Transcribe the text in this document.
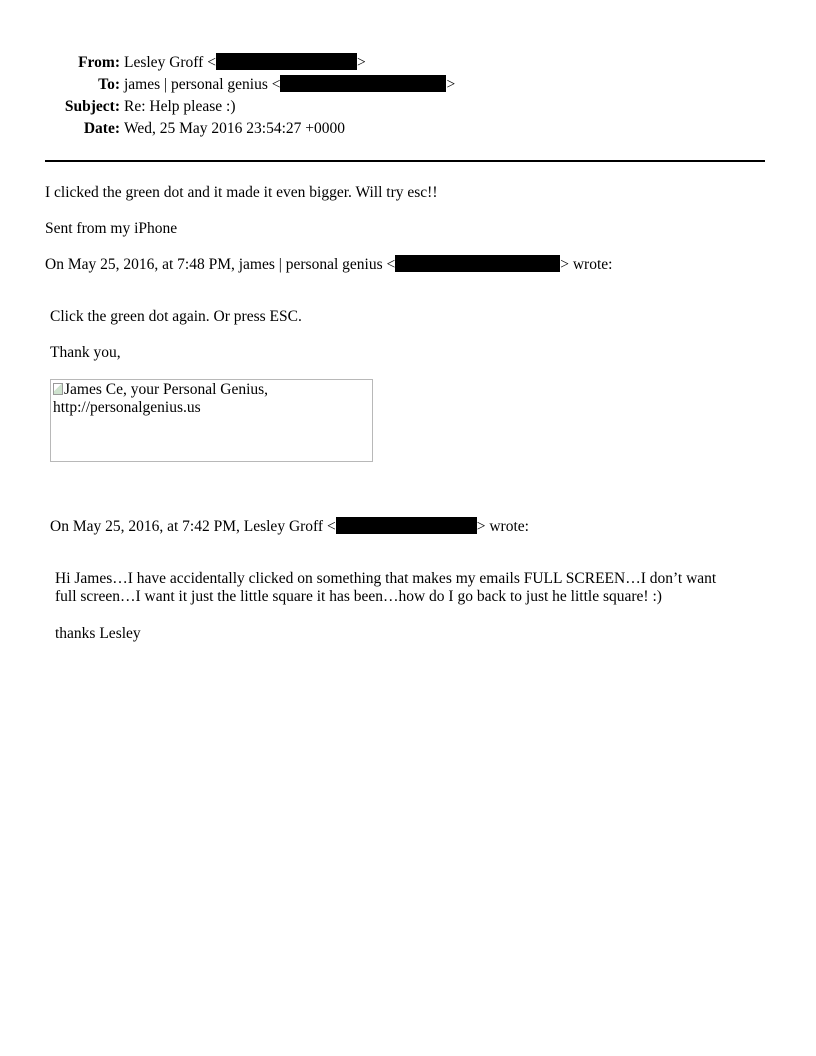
From: Lesley Groff <	>
To: james | personal genius <	>
Subject: Re: Help please :)
Date: Wed, 25 May 2016 23:54:27 +0000
I clicked the green dot and it made it even bigger. Will try esc!!
Sent from my iPhone
On May 25, 2016, at 7:48 PM, james | personal genius <	> wrote:
Click the green dot again. Or press ESC.
Thank you,
James Ce, your Personal Genius,
http://personalgenius.us
On May 25, 2016, at 7:42 PM, Lesley Groff <	> wrote:
Hi James…I have accidentally clicked on something that makes my emails FULL SCREEN…I don’t want
full screen…I want it just the little square it has been…how do I go back to just he little square! :)
thanks Lesley
